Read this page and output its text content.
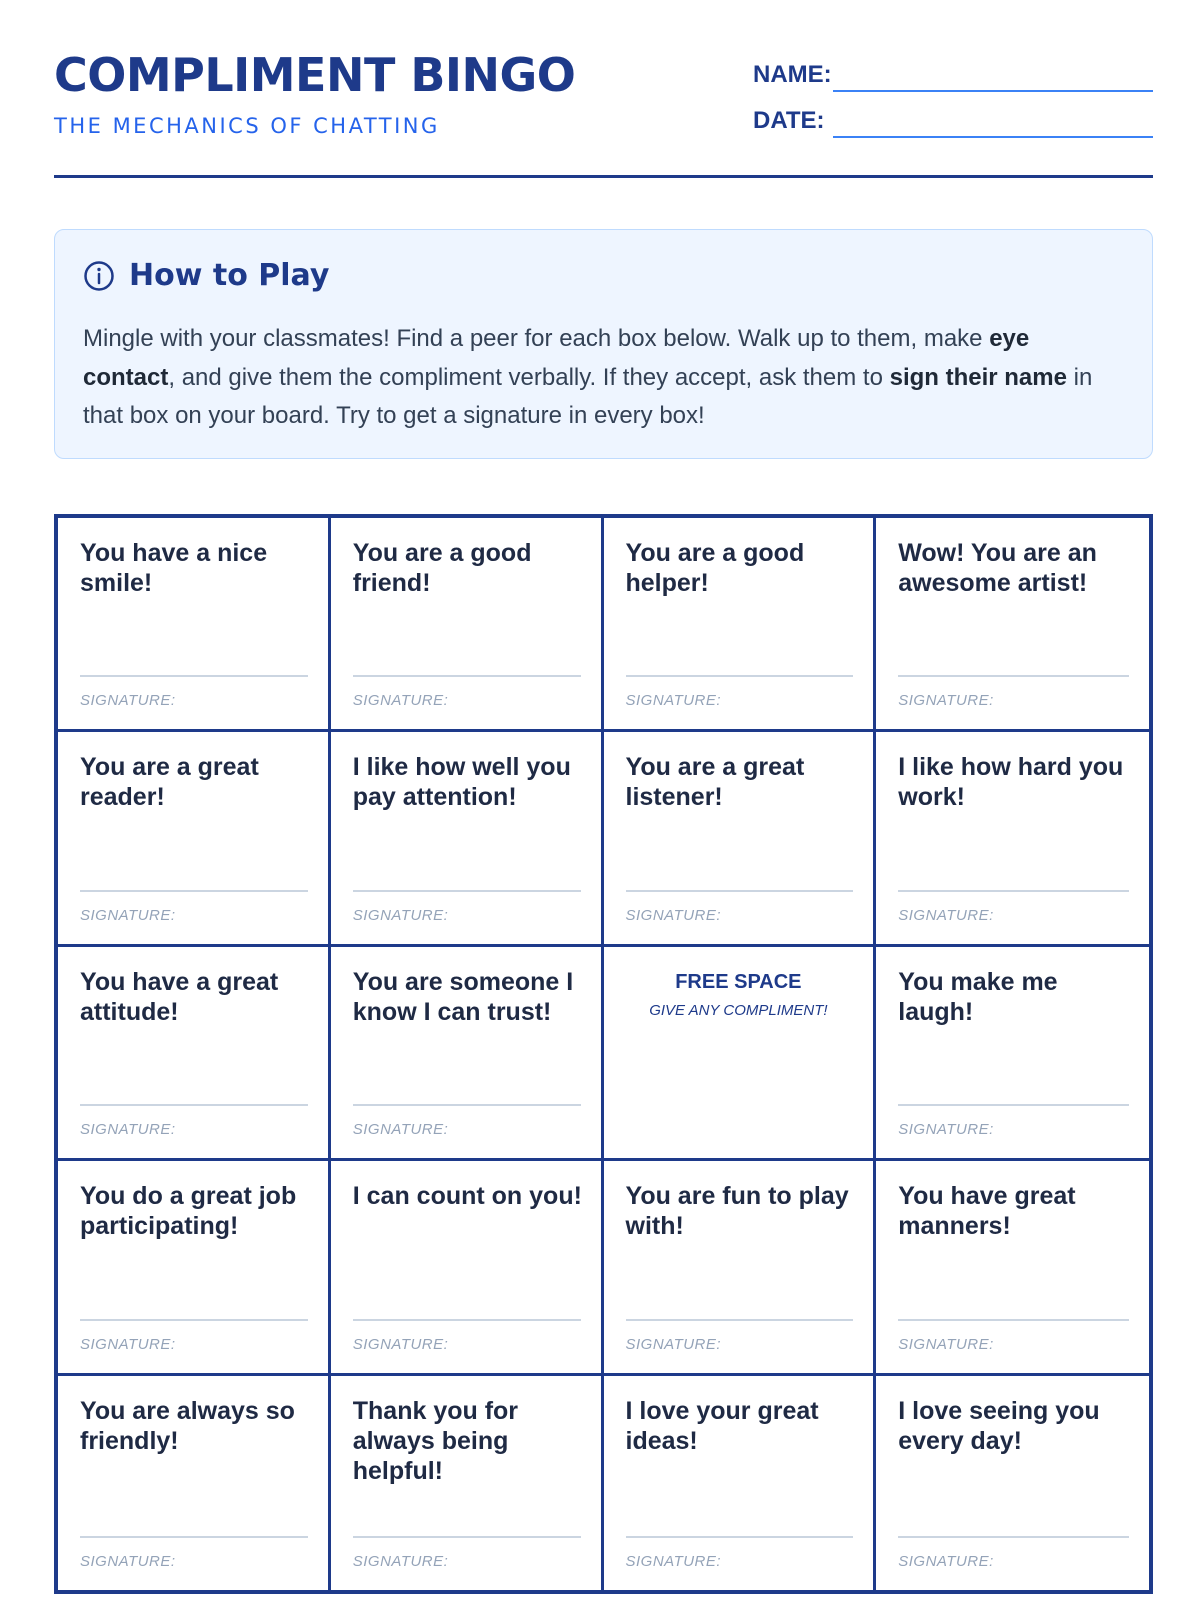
COMPLIMENT BINGO
THE MECHANICS OF CHATTING
NAME:
DATE:
How to Play
Mingle with your classmates! Find a peer for each box below. Walk up to them, make eye contact, and give them the compliment verbally. If they accept, ask them to sign their name in that box on your board. Try to get a signature in every box!
You have a nice smile!
SIGNATURE:
You are a good friend!
SIGNATURE:
You are a good helper!
SIGNATURE:
Wow! You are an awesome artist!
SIGNATURE:
You are a great reader!
SIGNATURE:
I like how well you pay attention!
SIGNATURE:
You are a great listener!
SIGNATURE:
I like how hard you work!
SIGNATURE:
You have a great attitude!
SIGNATURE:
You are someone I know I can trust!
SIGNATURE:
FREE SPACE
GIVE ANY COMPLIMENT!
You make me laugh!
SIGNATURE:
You do a great job participating!
SIGNATURE:
I can count on you!
SIGNATURE:
You are fun to play with!
SIGNATURE:
You have great manners!
SIGNATURE:
You are always so friendly!
SIGNATURE:
Thank you for always being helpful!
SIGNATURE:
I love your great ideas!
SIGNATURE:
I love seeing you every day!
SIGNATURE:
